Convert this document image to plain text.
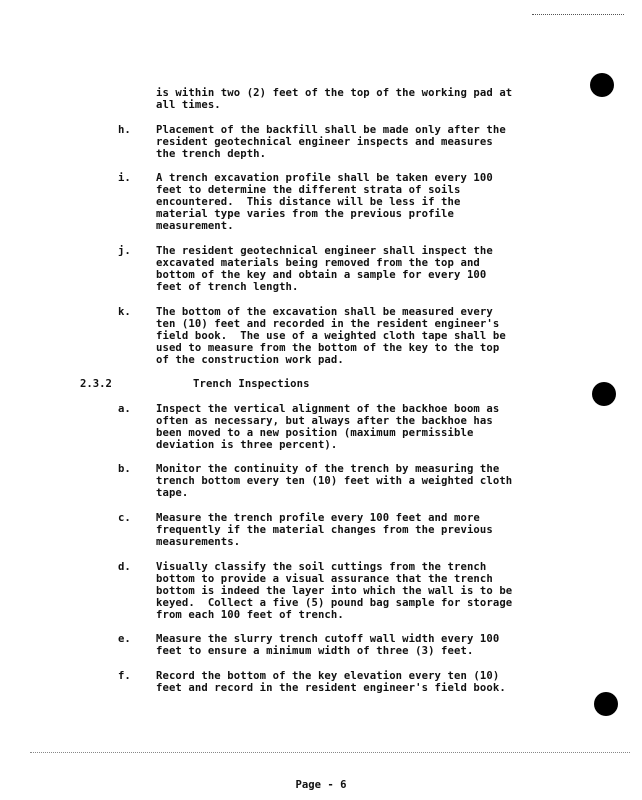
is within two (2) feet of the top of the working pad at
all times.
h. Placement of the backfill shall be made only after the
resident geotechnical engineer inspects and measures
the trench depth.
i. A trench excavation profile shall be taken every 100
feet to determine the different strata of soils
encountered.  This distance will be less if the
material type varies from the previous profile
measurement.
j. The resident geotechnical engineer shall inspect the
excavated materials being removed from the top and
bottom of the key and obtain a sample for every 100
feet of trench length.
k. The bottom of the excavation shall be measured every
ten (10) feet and recorded in the resident engineer's
field book.  The use of a weighted cloth tape shall be
used to measure from the bottom of the key to the top
of the construction work pad.
2.3.2	Trench Inspections
a. Inspect the vertical alignment of the backhoe boom as
often as necessary, but always after the backhoe has
been moved to a new position (maximum permissible
deviation is three percent).
b. Monitor the continuity of the trench by measuring the
trench bottom every ten (10) feet with a weighted cloth
tape.
c. Measure the trench profile every 100 feet and more
frequently if the material changes from the previous
measurements.
d. Visually classify the soil cuttings from the trench
bottom to provide a visual assurance that the trench
bottom is indeed the layer into which the wall is to be
keyed.  Collect a five (5) pound bag sample for storage
from each 100 feet of trench.
e. Measure the slurry trench cutoff wall width every 100
feet to ensure a minimum width of three (3) feet.
f. Record the bottom of the key elevation every ten (10)
feet and record in the resident engineer's field book.
Page - 6
